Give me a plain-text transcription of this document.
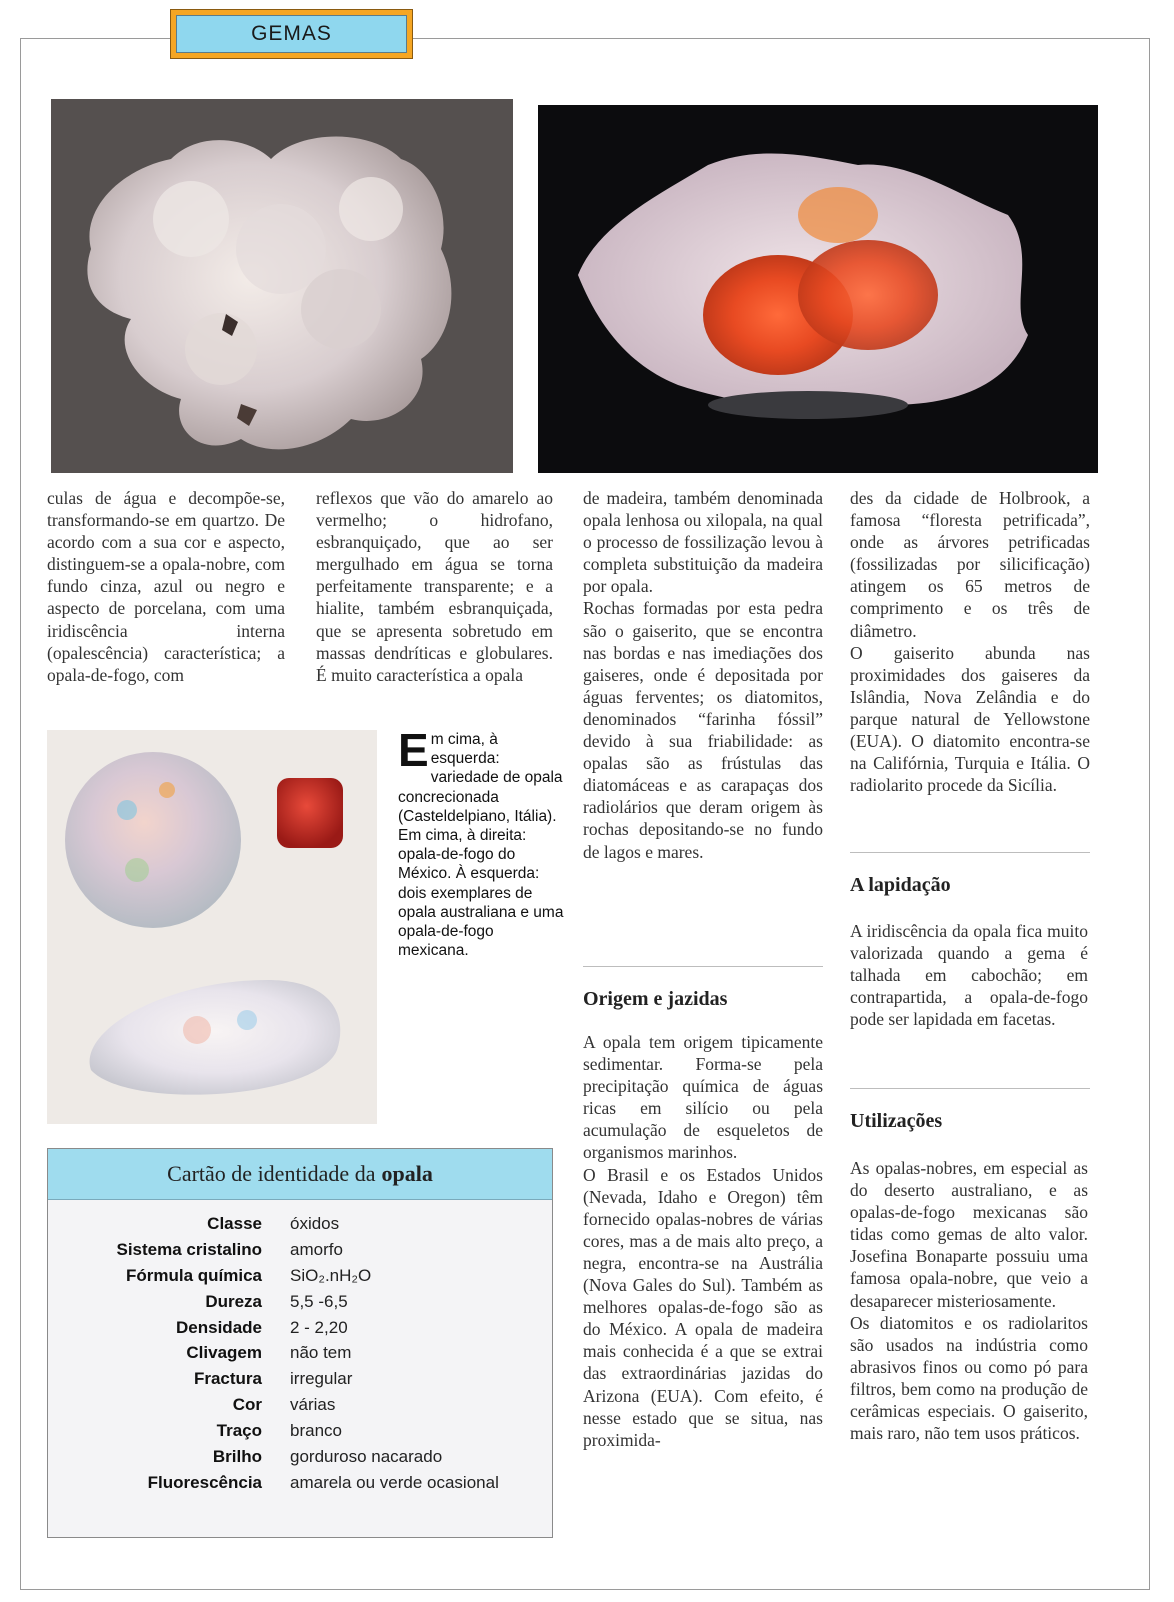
GEMAS

culas de água e decompõe-se, transformando-se em quartzo. De acordo com a sua cor e aspecto, distinguem-se a opala-nobre, com fundo cinza, azul ou negro e aspecto de porcelana, com uma iridiscência interna (opalescência) característica; a opala-de-fogo, com

reflexos que vão do amarelo ao vermelho; o hidrofano, esbranquiçado, que ao ser mergulhado em água se torna perfeitamente transparente; e a hialite, também esbranquiçada, que se apresenta sobretudo em massas dendríticas e globulares. É muito característica a opala

de madeira, também denominada opala lenhosa ou xilopala, na qual o processo de fossilização levou à completa substituição da madeira por opala.

Rochas formadas por esta pedra são o gaiserito, que se encontra nas bordas e nas imediações dos gaiseres, onde é depositada por águas ferventes; os diatomitos, denominados “farinha fóssil” devido à sua friabilidade: as opalas são as frústulas das diatomáceas e as carapaças dos radiolários que deram origem às rochas depositando-se no fundo de lagos e mares.

des da cidade de Holbrook, a famosa “floresta petrificada”, onde as árvores petrificadas (fossilizadas por silicificação) atingem os 65 metros de comprimento e os três de diâmetro.

O gaiserito abunda nas proximidades dos gaiseres da Islândia, Nova Zelândia e do parque natural de Yellowstone (EUA). O diatomito encontra-se na Califórnia, Turquia e Itália. O radiolarito procede da Sicília.

Em cima, à esquerda: variedade de opala concrecionada (Casteldelpiano, Itália). Em cima, à direita: opala-de-fogo do México. À esquerda: dois exemplares de opala australiana e uma opala-de-fogo mexicana.
Origem e jazidas

A opala tem origem tipicamente sedimentar. Forma-se pela precipitação química de águas ricas em silício ou pela acumulação de esqueletos de organismos marinhos.

O Brasil e os Estados Unidos (Nevada, Idaho e Oregon) têm fornecido opalas-nobres de várias cores, mas a de mais alto preço, a negra, encontra-se na Austrália (Nova Gales do Sul). Também as melhores opalas-de-fogo são as do México. A opala de madeira mais conhecida é a que se extrai das extraordinárias jazidas do Arizona (EUA). Com efeito, é nesse estado que se situa, nas proximida-

A lapidação

A iridiscência da opala fica muito valorizada quando a gema é talhada em cabochão; em contrapartida, a opala-de-fogo pode ser lapidada em facetas.

Utilizações

As opalas-nobres, em especial as do deserto australiano, e as opalas-de-fogo mexicanas são tidas como gemas de alto valor. Josefina Bonaparte possuiu uma famosa opala-nobre, que veio a desaparecer misteriosamente.

Os diatomitos e os radiolaritos são usados na indústria como abrasivos finos ou como pó para filtros, bem como na produção de cerâmicas especiais. O gaiserito, mais raro, não tem usos práticos.

Cartão de identidade da opala
Classe	óxidos
Sistema cristalino	amorfo
Fórmula química	SiO₂.nH₂O
Dureza	5,5 -6,5
Densidade	2 - 2,20
Clivagem	não tem
Fractura	irregular
Cor	várias
Traço	branco
Brilho	gorduroso nacarado
Fluorescência	amarela ou verde ocasional
